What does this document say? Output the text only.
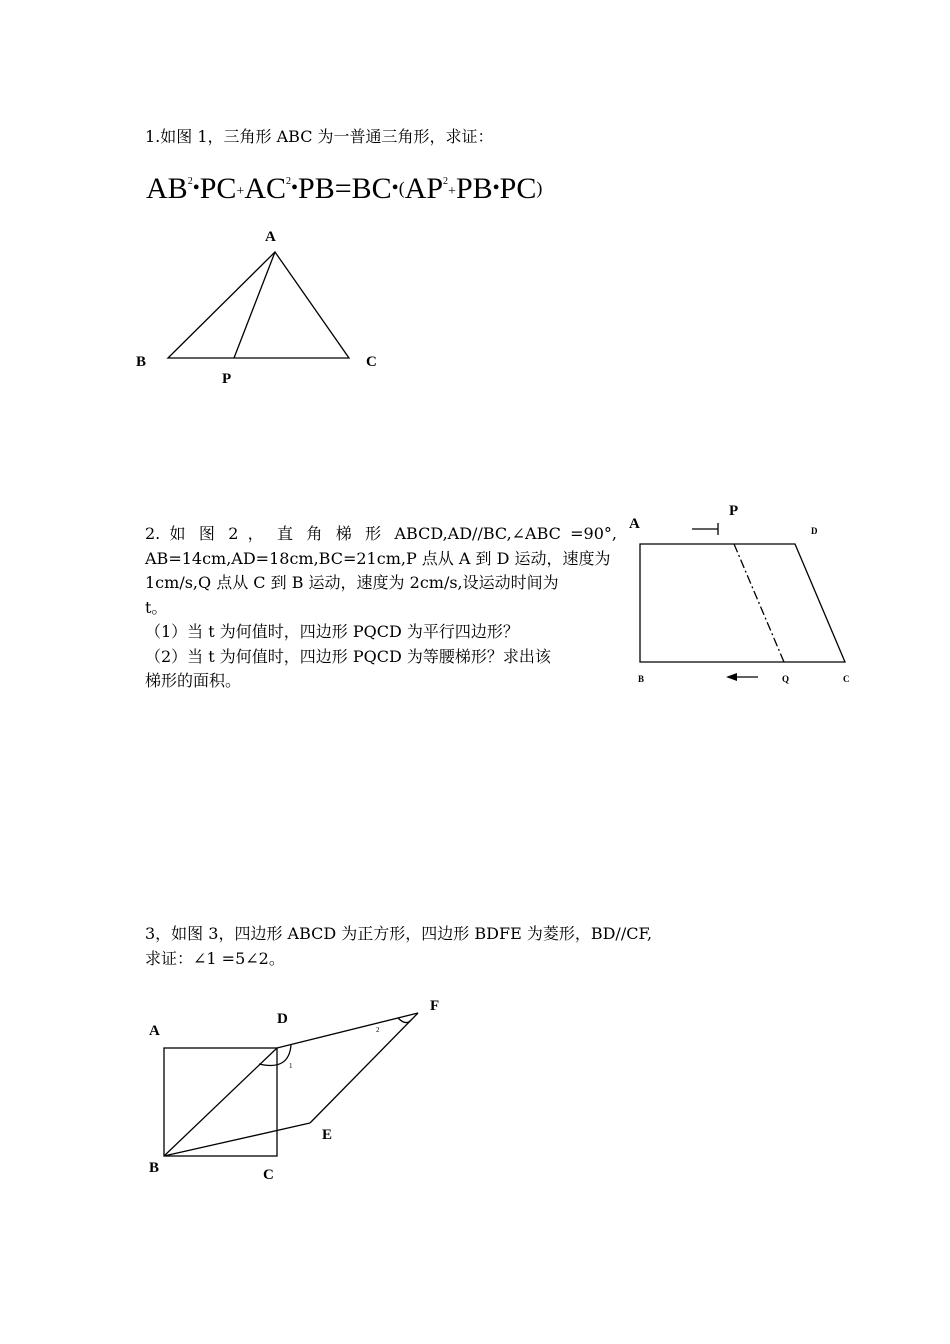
1.如图 1，三角形 ABC 为一普通三角形，求证：
$AB^2•PC+AC^2•PB=BC•(AP^2+PB•PC)$
A
B	C
P
2. 如 图 2 ， 直 角 梯 形 ABCD,AD//BC,∠ABC =90°,
AB=14cm,AD=18cm,BC=21cm,P 点从 A 到 D 运动，速度为
1cm/s,Q 点从 C 到 B 运动，速度为 2cm/s,设运动时间为
t。
（1）当 t 为何值时，四边形 PQCD 为平行四边形？
（2）当 t 为何值时，四边形 PQCD 为等腰梯形？求出该
梯形的面积。
A
P
D
B	Q	C
3，如图 3，四边形 ABCD 为正方形，四边形 BDFE 为菱形，BD//CF,
求证：∠1 =5∠2。
A
D
F
B	C
E
1
2
